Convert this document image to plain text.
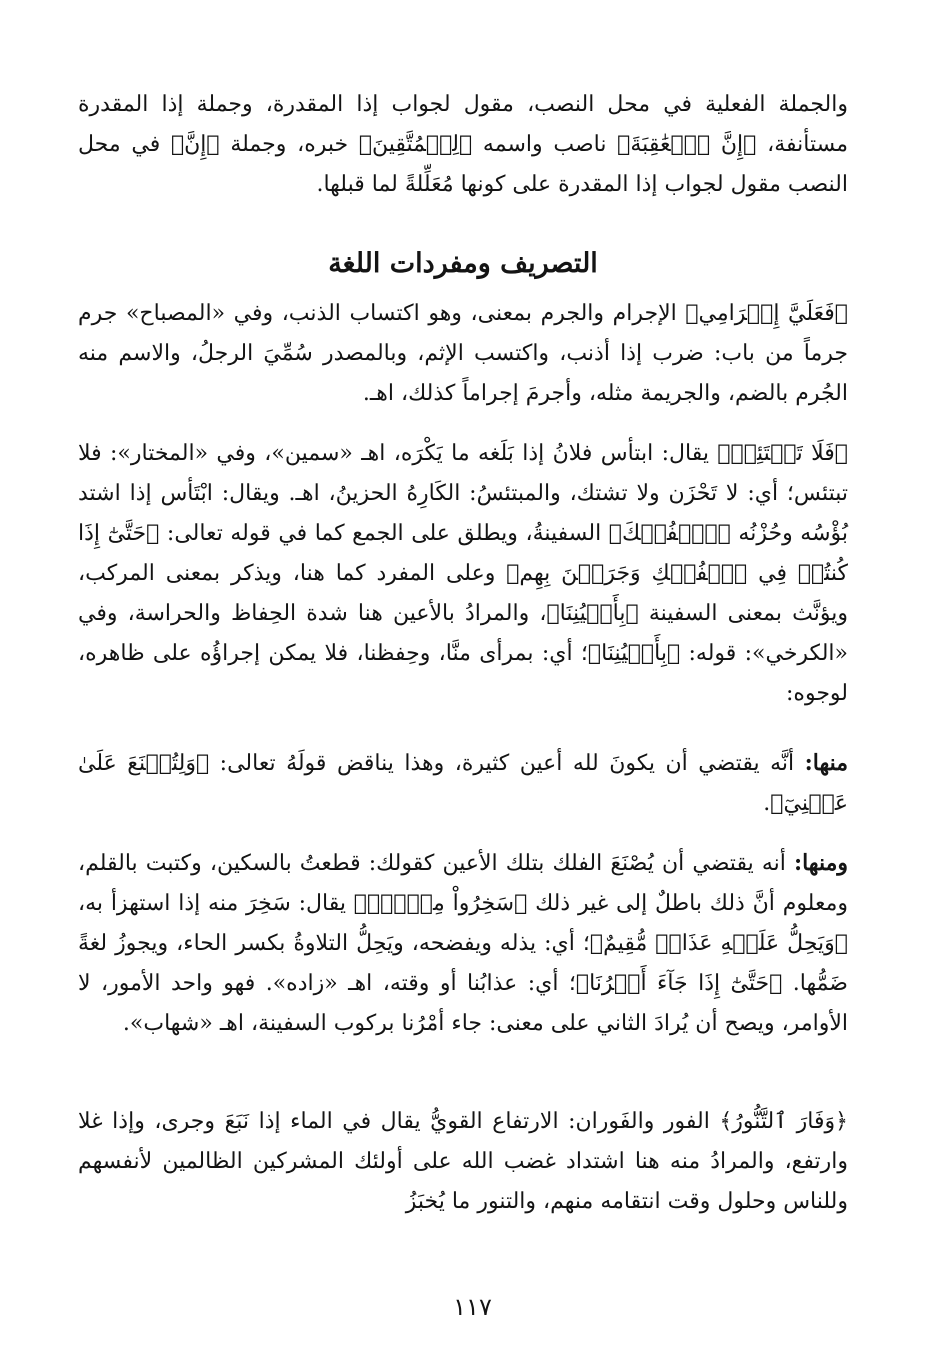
والجملة الفعلية في محل النصب، مقول لجواب إذا المقدرة، وجملة إذا المقدرة مستأنفة، ﴿إِنَّ ٱلۡعَٰقِبَةَ﴾ ناصب واسمه ﴿لِلۡمُتَّقِينَ﴾ خبره، وجملة ﴿إِنَّ﴾ في محل النصب مقول لجواب إذا المقدرة على كونها مُعَلِّلةً لما قبلها.

التصريف ومفردات اللغة

﴿فَعَلَيَّ إِجۡرَامِي﴾ الإجرام والجرم بمعنى، وهو اكتساب الذنب، وفي «المصباح» جرم جرماً من باب: ضرب إذا أذنب، واكتسب الإثم، وبالمصدر سُمِّيَ الرجلُ، والاسم منه الجُرم بالضم، والجريمة مثله، وأجرمَ إجراماً كذلك، اهـ.

﴿فَلَا تَبۡتَئِسۡ﴾ يقال: ابتأس فلانُ إذا بَلَغه ما يَكْرَه، اهـ «سمين»، وفي «المختار»: فلا تبتئس؛ أي: لا تَحْزَن ولا تشتك، والمبتئسُ: الكَارِهُ الحزينُ، اهـ. ويقال: ابْتَأس إذا اشتد بُؤْسُه وحُزْنُه ﴿ٱلۡفُلۡكَ﴾ السفينةُ، ويطلق على الجمع كما في قوله تعالى: ﴿حَتَّىٰٓ إِذَا كُنتُمۡ فِي ٱلۡفُلۡكِ وَجَرَيۡنَ بِهِم﴾ وعلى المفرد كما هنا، ويذكر بمعنى المركب، ويؤنَّث بمعنى السفينة ﴿بِأَعۡيُنِنَا﴾، والمرادُ بالأعين هنا شدة الحِفاظ والحراسة، وفي «الكرخي»: قوله: ﴿بِأَعۡيُنِنَا﴾؛ أي: بمرأى منَّا، وحِفظنا، فلا يمكن إجراؤُه على ظاهره، لوجوه:

منها: أنَّه يقتضي أن يكونَ لله أعين كثيرة، وهذا يناقض قولَهُ تعالى: ﴿وَلِتُصۡنَعَ عَلَىٰ عَيۡنِيٓ﴾.

ومنها: أنه يقتضي أن يُصْنَعَ الفلك بتلك الأعين كقولك: قطعتُ بالسكين، وكتبت بالقلم، ومعلوم أنَّ ذلك باطلٌ إلى غير ذلك ﴿سَخِرُواْ مِنۡهُۚ﴾ يقال: سَخِرَ منه إذا استهزأ به، ﴿وَيَحِلُّ عَلَيۡهِ عَذَابٞ مُّقِيمٌ﴾؛ أي: يذله ويفضحه، ويَحِلُّ التلاوةُ بكسر الحاء، ويجوزُ لغةً ضَمُّها. ﴿حَتَّىٰٓ إِذَا جَآءَ أَمۡرُنَا﴾؛ أي: عذابُنا أو وقته، اهـ «زاده». فهو واحد الأمور، لا الأوامر، ويصح أن يُرادَ الثاني على معنى: جاء أمْرُنا بركوب السفينة، اهـ «شهاب».

﴿وَفَارَ ٱلتَّنُّورُ﴾ الفور والفَوران: الارتفاع القويُّ يقال في الماء إذا نَبَعَ وجرى، وإذا غلا وارتفع، والمرادُ منه هنا اشتداد غضب الله على أولئك المشركين الظالمين لأنفسهم وللناس وحلول وقت انتقامه منهم، والتنور ما يُخبَزُ

١١٧
